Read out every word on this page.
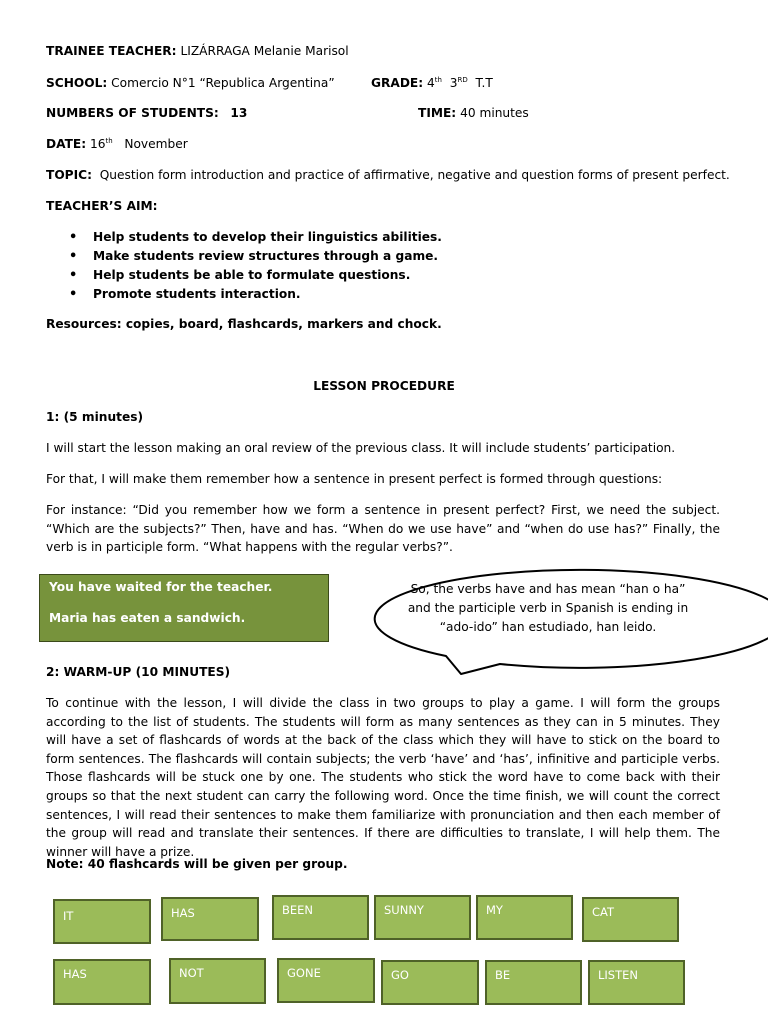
TRAINEE TEACHER: LIZÁRRAGA Melanie Marisol
SCHOOL: Comercio N°1 “Republica Argentina”	GRADE: 4th 3RD T.T
NUMBERS OF STUDENTS: 13	TIME: 40 minutes
DATE: 16th November
TOPIC: Question form introduction and practice of affirmative, negative and question forms of present perfect.
TEACHER’S AIM:
• Help students to develop their linguistics abilities.
• Make students review structures through a game.
• Help students be able to formulate questions.
• Promote students interaction.
Resources: copies, board, flashcards, markers and chock.
LESSON PROCEDURE
1: (5 minutes)
I will start the lesson making an oral review of the previous class. It will include students’ participation.
For that, I will make them remember how a sentence in present perfect is formed through questions:
For instance: “Did you remember how we form a sentence in present perfect? First, we need the subject. “Which are the subjects?” Then, have and has. “When do we use have” and “when do use has?” Finally, the verb is in participle form. “What happens with the regular verbs?”.
You have waited for the teacher.
Maria has eaten a sandwich.
So, the verbs have and has mean “han o ha” and the participle verb in Spanish is ending in “ado-ido” han estudiado, han leido.
2: WARM-UP (10 MINUTES)
To continue with the lesson, I will divide the class in two groups to play a game. I will form the groups according to the list of students. The students will form as many sentences as they can in 5 minutes. They will have a set of flashcards of words at the back of the class which they will have to stick on the board to form sentences. The flashcards will contain subjects; the verb ‘have’ and ‘has’, infinitive and participle verbs. Those flashcards will be stuck one by one. The students who stick the word have to come back with their groups so that the next student can carry the following word. Once the time finish, we will count the correct sentences, I will read their sentences to make them familiarize with pronunciation and then each member of the group will read and translate their sentences. If there are difficulties to translate, I will help them. The winner will have a prize.
Note: 40 flashcards will be given per group.
IT	HAS	BEEN	SUNNY	MY	CAT
HAS	NOT	GONE	GO	BE	LISTEN
